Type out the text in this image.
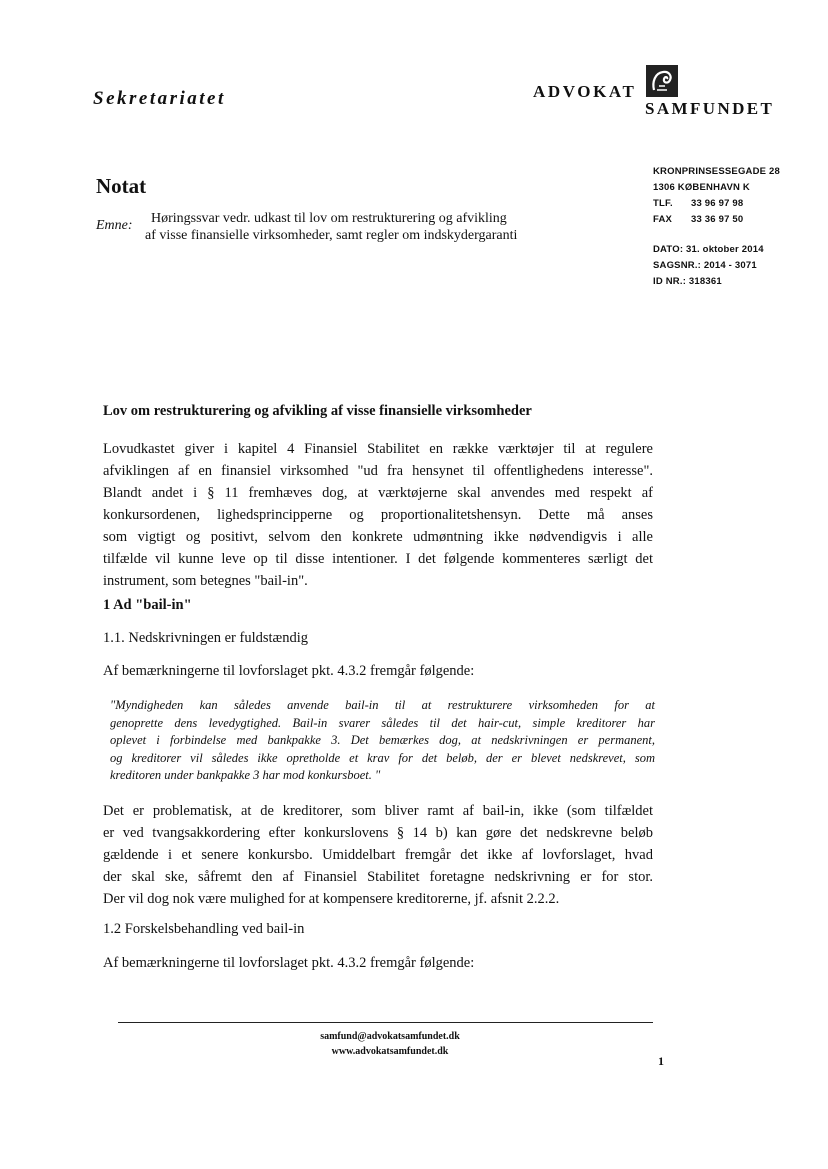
Sekretariatet	ADVOKAT
SAMFUNDET
Notat
Emne: Høringssvar vedr. udkast til lov om restrukturering og afvikling
af visse finansielle virksomheder, samt regler om indskydergaranti
KRONPRINSESSEGADE 28
1306 KØBENHAVN K
TLF. 33 96 97 98
FAX 33 36 97 50
DATO: 31. oktober 2014
SAGSNR.: 2014 - 3071
ID NR.: 318361
Lov om restrukturering og afvikling af visse finansielle virksomheder
Lovudkastet giver i kapitel 4 Finansiel Stabilitet en række værktøjer til at regulere
afviklingen af en finansiel virksomhed "ud fra hensynet til offentlighedens interesse".
Blandt andet i § 11 fremhæves dog, at værktøjerne skal anvendes med respekt af
konkursordenen, lighedsprincipperne og proportionalitetshensyn. Dette må anses
som vigtigt og positivt, selvom den konkrete udmøntning ikke nødvendigvis i alle
tilfælde vil kunne leve op til disse intentioner. I det følgende kommenteres særligt det
instrument, som betegnes "bail-in".
1 Ad "bail-in"
1.1. Nedskrivningen er fuldstændig
Af bemærkningerne til lovforslaget pkt. 4.3.2 fremgår følgende:
"Myndigheden kan således anvende bail-in til at restrukturere virksomheden for at
genoprette dens levedygtighed. Bail-in svarer således til det hair-cut, simple kreditorer har
oplevet i forbindelse med bankpakke 3. Det bemærkes dog, at nedskrivningen er permanent,
og kreditorer vil således ikke opretholde et krav for det beløb, der er blevet nedskrevet, som
kreditoren under bankpakke 3 har mod konkursboet. "
Det er problematisk, at de kreditorer, som bliver ramt af bail-in, ikke (som tilfældet
er ved tvangsakkordering efter konkurslovens § 14 b) kan gøre det nedskrevne beløb
gældende i et senere konkursbo. Umiddelbart fremgår det ikke af lovforslaget, hvad
der skal ske, såfremt den af Finansiel Stabilitet foretagne nedskrivning er for stor.
Der vil dog nok være mulighed for at kompensere kreditorerne, jf. afsnit 2.2.2.
1.2 Forskelsbehandling ved bail-in
Af bemærkningerne til lovforslaget pkt. 4.3.2 fremgår følgende:
samfund@advokatsamfundet.dk
www.advokatsamfundet.dk
1
